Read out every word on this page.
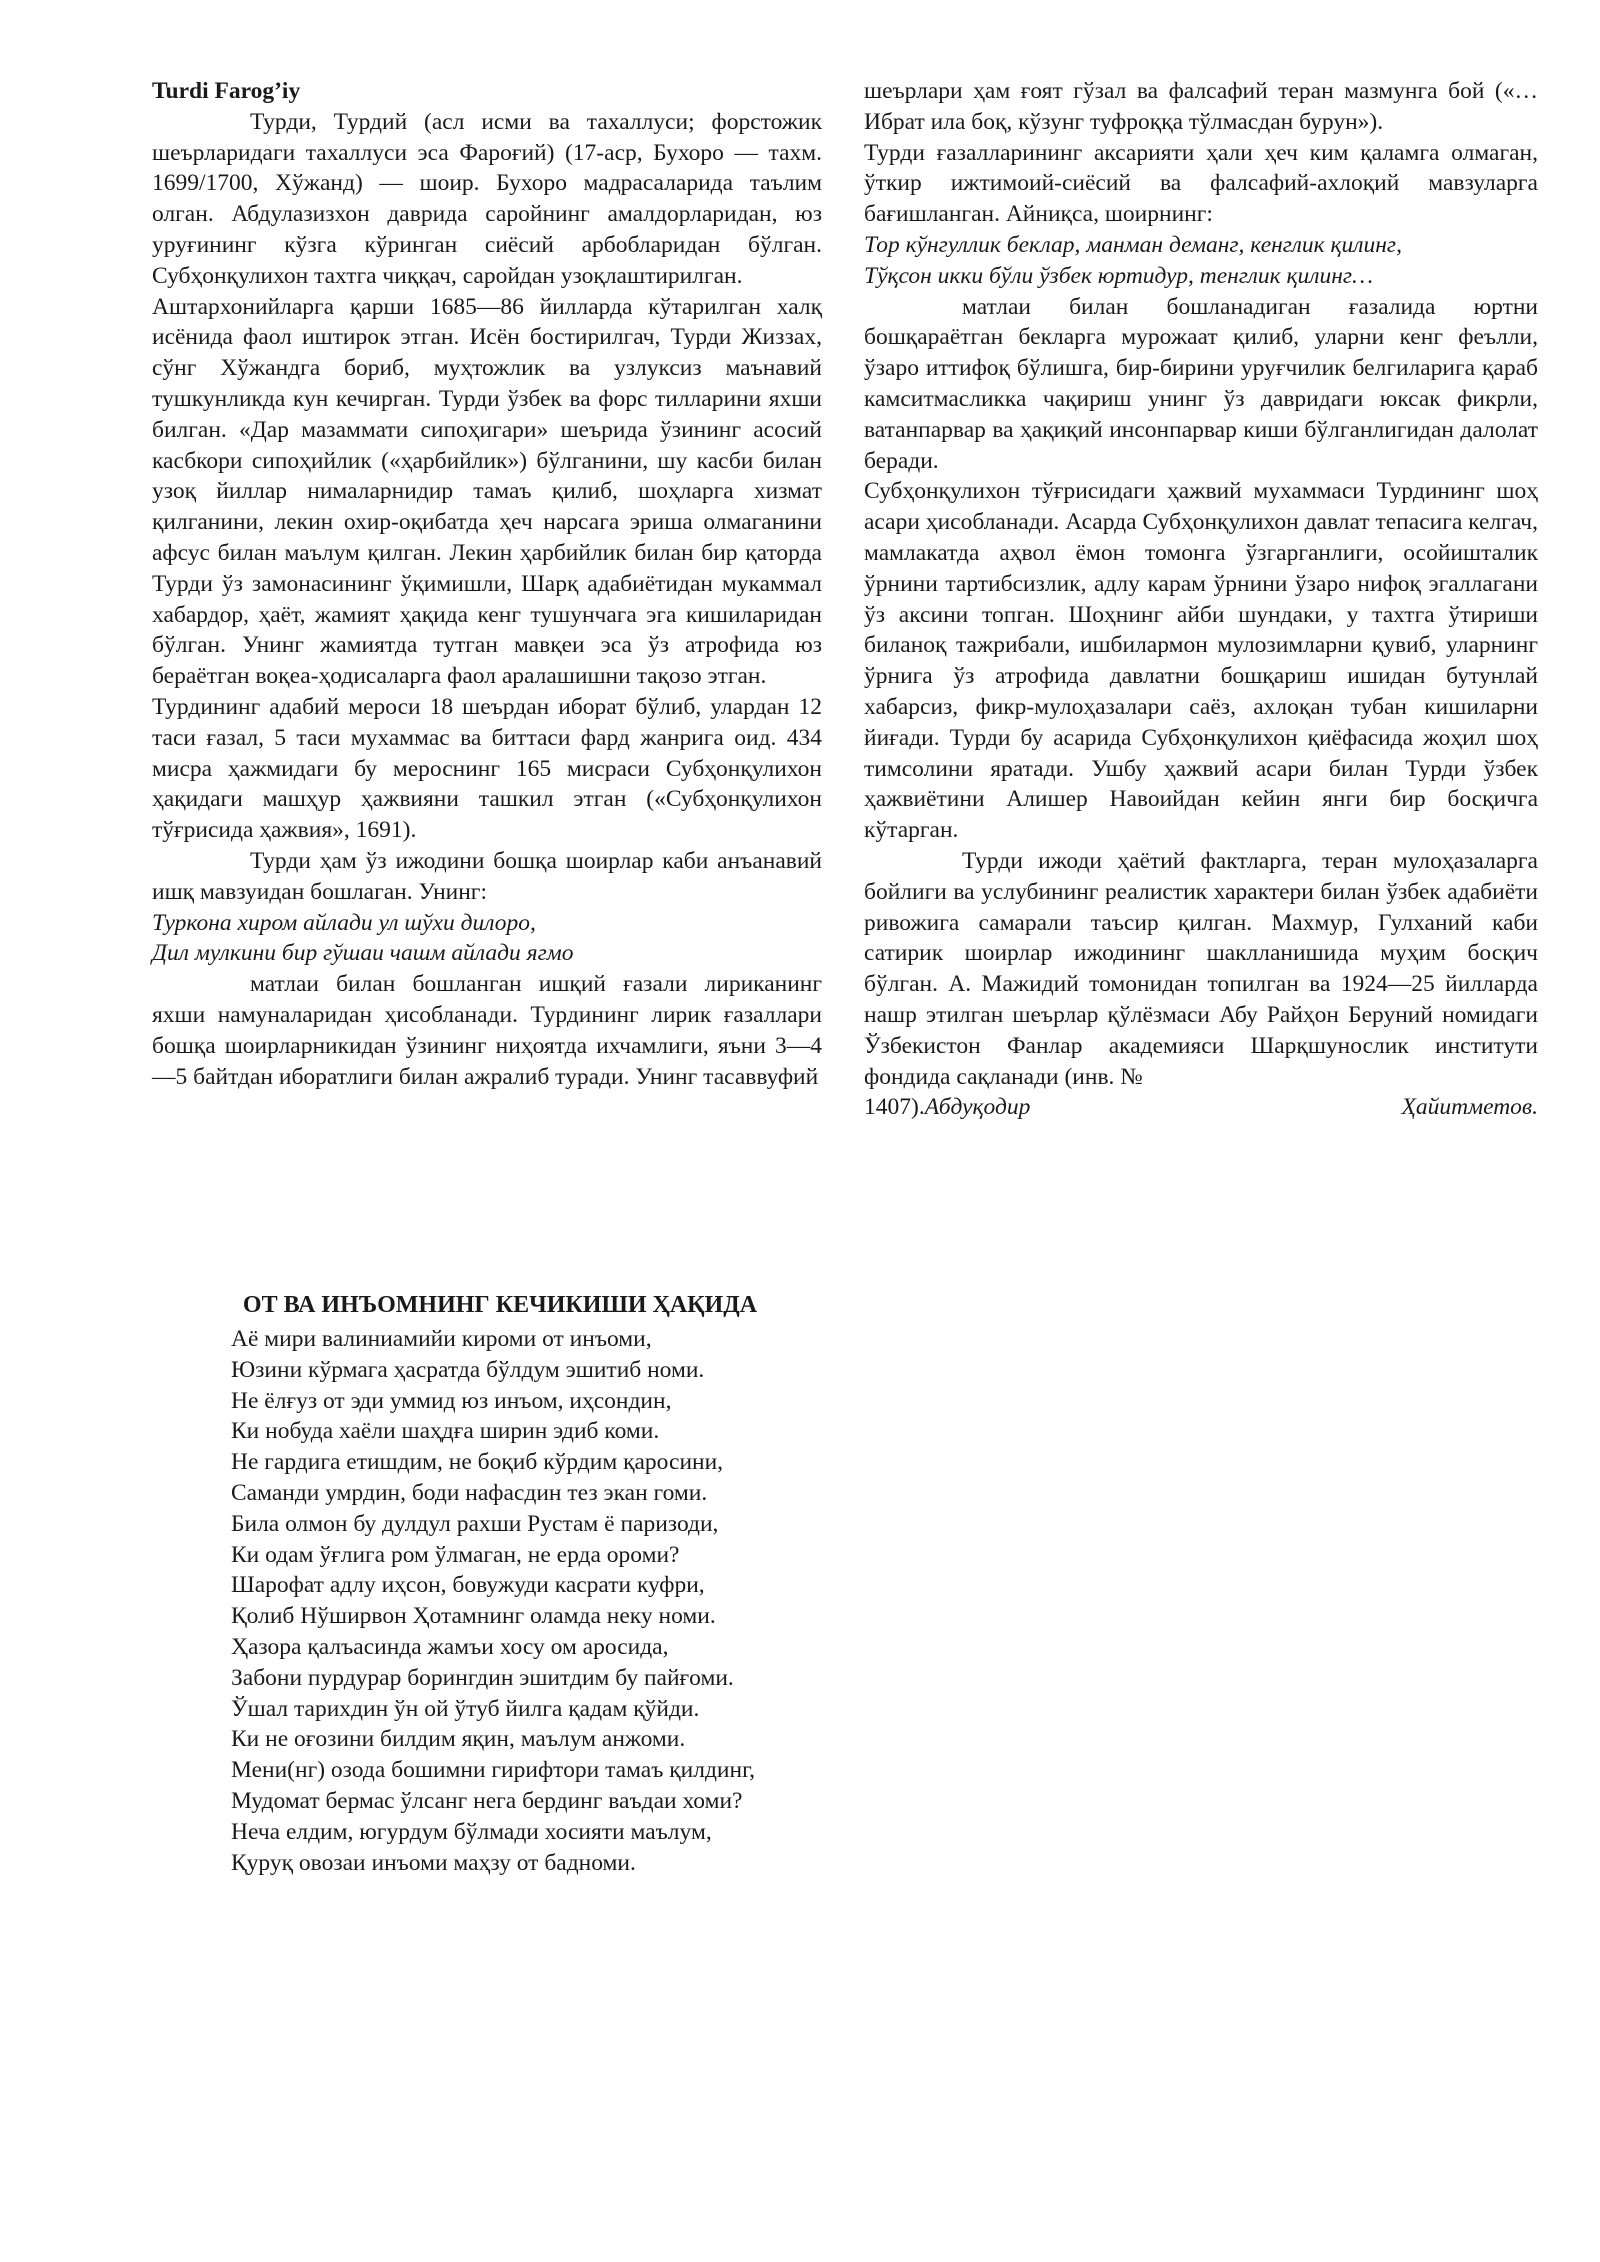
Turdi Farog’iy

Турди, Турдий (асл исми ва тахаллуси; форстожик шеърларидаги тахаллуси эса Фароғий) (17-аср, Бухоро — тахм. 1699/1700, Хўжанд) — шоир. Бухоро мадрасаларида таълим олган. Абдулазизхон даврида саройнинг амалдорларидан, юз уруғининг кўзга кўринган сиёсий арбобларидан бўлган. Субҳонқулихон тахтга чиққач, саройдан узоқлаштирилган.

Аштархонийларга қарши 1685—86 йилларда кўтарилган халқ исёнида фаол иштирок этган. Исён бостирилгач, Турди Жиззах, сўнг Хўжандга бориб, муҳтожлик ва узлуксиз маънавий тушкунликда кун кечирган. Турди ўзбек ва форс тилларини яхши билган. «Дар мазаммати сипоҳигари» шеърида ўзининг асосий касбкори сипоҳийлик («ҳарбийлик») бўлганини, шу касби билан узоқ йиллар нималарнидир тамаъ қилиб, шоҳларга хизмат қилганини, лекин охир-оқибатда ҳеч нарсага эриша олмаганини афсус билан маълум қилган. Лекин ҳарбийлик билан бир қаторда Турди ўз замонасининг ўқимишли, Шарқ адабиётидан мукаммал хабардор, ҳаёт, жамият ҳақида кенг тушунчага эга кишиларидан бўлган. Унинг жамиятда тутган мавқеи эса ўз атрофида юз бераётган воқеа-ҳодисаларга фаол аралашишни тақозо этган.

Турдининг адабий мероси 18 шеърдан иборат бўлиб, улардан 12 таси ғазал, 5 таси мухаммас ва биттаси фард жанрига оид. 434 мисра ҳажмидаги бу мероснинг 165 мисраси Субҳонқулихон ҳақидаги машҳур ҳажвияни ташкил этган («Субҳонқулихон тўғрисида ҳажвия», 1691).

Турди ҳам ўз ижодини бошқа шоирлар каби анъанавий ишқ мавзуидан бошлаган. Унинг:

Туркона хиром айлади ул шўхи дилоро,

Дил мулкини бир гўшаи чашм айлади ягмо

матлаи билан бошланган ишқий ғазали лириканинг яхши намуналаридан ҳисобланади. Турдининг лирик ғазаллари бошқа шоирларникидан ўзининг ниҳоятда ихчамлиги, яъни 3—4—5 байтдан иборатлиги билан ажралиб туради. Унинг тасаввуфий

шеърлари ҳам ғоят гўзал ва фалсафий теран мазмунга бой («…Ибрат ила боқ, кўзунг туфроққа тўлмасдан бурун»).

Турди ғазалларининг аксарияти ҳали ҳеч ким қаламга олмаган, ўткир ижтимоий-сиёсий ва фалсафий-ахлоқий мавзуларга бағишланган. Айниқса, шоирнинг:

Тор кўнгуллик беклар, манман деманг, кенглик қилинг,

Тўқсон икки бўли ўзбек юртидур, тенглик қилинг…

матлаи билан бошланадиган ғазалида юртни бошқараётган бекларга мурожаат қилиб, уларни кенг феълли, ўзаро иттифоқ бўлишга, бир-бирини уруғчилик белгиларига қараб камситмасликка чақириш унинг ўз давридаги юксак фикрли, ватанпарвар ва ҳақиқий инсонпарвар киши бўлганлигидан далолат беради.

Субҳонқулихон тўғрисидаги ҳажвий мухаммаси Турдининг шоҳ асари ҳисобланади. Асарда Субҳонқулихон давлат тепасига келгач, мамлакатда аҳвол ёмон томонга ўзгарганлиги, осойишталик ўрнини тартибсизлик, адлу карам ўрнини ўзаро нифоқ эгаллагани ўз аксини топган. Шоҳнинг айби шундаки, у тахтга ўтириши биланоқ тажрибали, ишбилармон мулозимларни қувиб, уларнинг ўрнига ўз атрофида давлатни бошқариш ишидан бутунлай хабарсиз, фикр-мулоҳазалари саёз, ахлоқан тубан кишиларни йиғади. Турди бу асарида Субҳонқулихон қиёфасида жоҳил шоҳ тимсолини яратади. Ушбу ҳажвий асари билан Турди ўзбек ҳажвиётини Алишер Навоийдан кейин янги бир босқичга кўтарган.

Турди ижоди ҳаётий фактларга, теран мулоҳазаларга бойлиги ва услубининг реалистик характери билан ўзбек адабиёти ривожига самарали таъсир қилган. Махмур, Гулханий каби сатирик шоирлар ижодининг шаклланишида муҳим босқич бўлган. А. Мажидий томонидан топилган ва 1924—25 йилларда нашр этилган шеърлар қўлёзмаси Абу Райҳон Беруний номидаги Ўзбекистон Фанлар академияси Шарқшунослик институти фондида сақланади (инв. №

1407).Абдуқодир	Ҳайитметов.

ОТ ВА ИНЪОМНИНГ КЕЧИКИШИ ҲАҚИДА

Аё мири валиниамийи кироми от инъоми,
Юзини кўрмага ҳасратда бўлдум эшитиб номи.
Не ёлғуз от эди уммид юз инъом, иҳсондин,
Ки нобуда хаёли шаҳдға ширин эдиб коми.
Не гардига етишдим, не боқиб кўрдим қаросини,
Саманди умрдин, боди нафасдин тез экан гоми.
Била олмон бу дулдул рахши Рустам ё паризоди,
Ки одам ўғлига ром ўлмаган, не ерда ороми?
Шарофат адлу иҳсон, бовужуди касрати куфри,
Қолиб Нўширвон Ҳотамнинг оламда неку номи.
Ҳазора қалъасинда жамъи хосу ом аросида,
Забони пурдурар борингдин эшитдим бу пайғоми.
Ўшал тарихдин ўн ой ўтуб йилга қадам қўйди.
Ки не оғозини билдим яқин, маълум анжоми.
Мени(нг) озода бошимни гирифтори тамаъ қилдинг,
Мудомат бермас ўлсанг нега бердинг ваъдаи хоми?
Неча елдим, югурдум бўлмади хосияти маълум,
Қуруқ овозаи инъоми маҳзу от бадноми.
